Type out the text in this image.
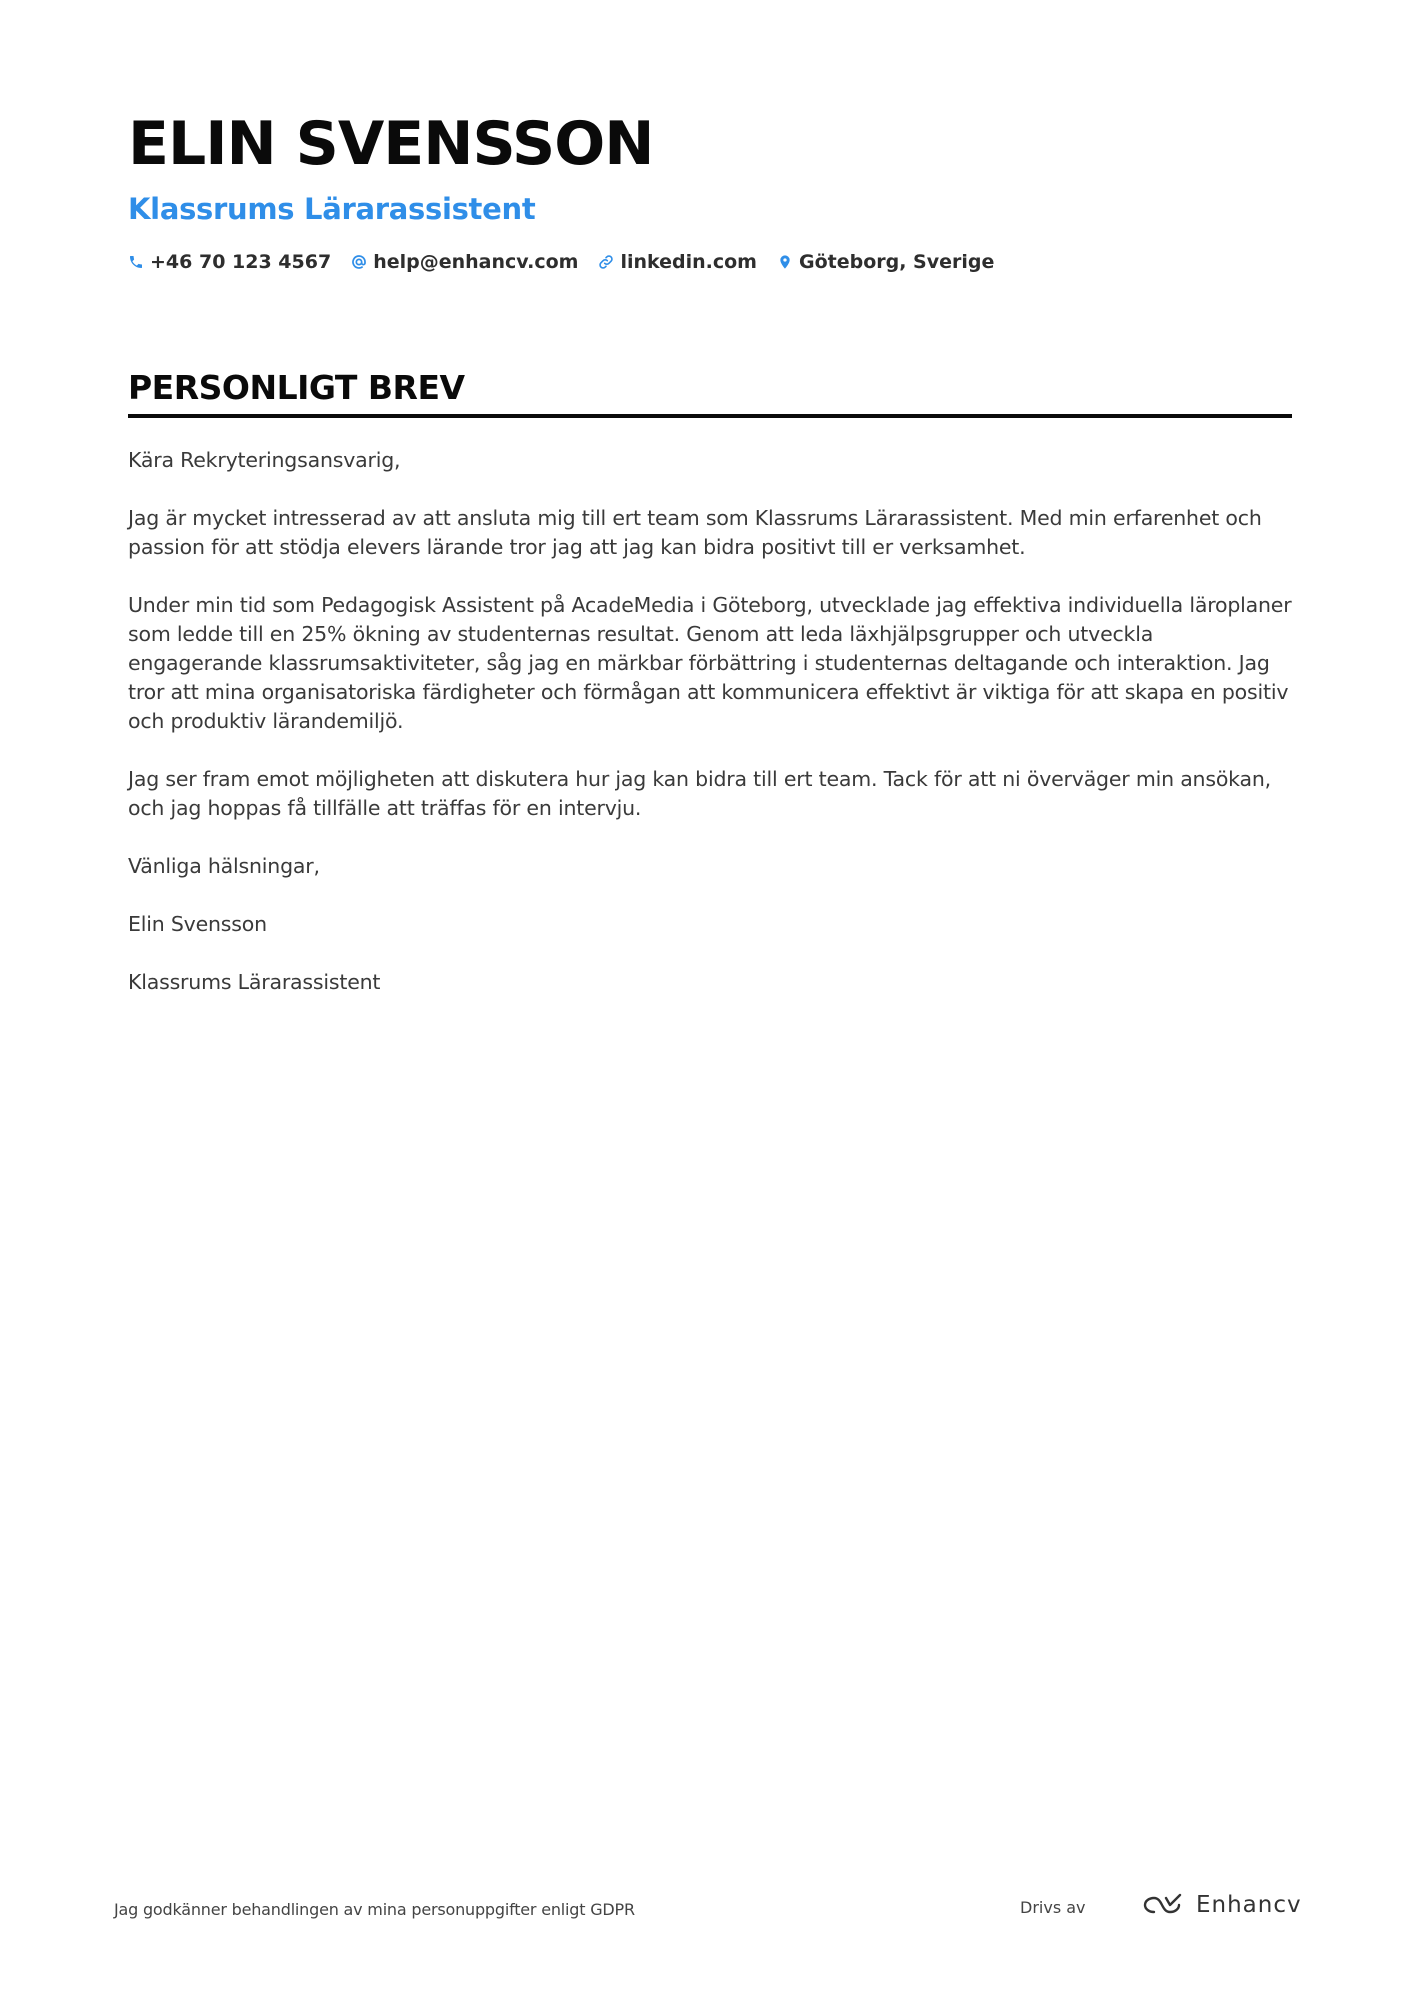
ELIN SVENSSON
Klassrums Lärarassistent
+46 70 123 4567 help@enhancv.com linkedin.com Göteborg, Sverige
PERSONLIGT BREV

Kära Rekryteringsansvarig,

Jag är mycket intresserad av att ansluta mig till ert team som Klassrums Lärarassistent. Med min erfarenhet och passion för att stödja elevers lärande tror jag att jag kan bidra positivt till er verksamhet.

Under min tid som Pedagogisk Assistent på AcadeMedia i Göteborg, utvecklade jag effektiva individuella läroplaner som ledde till en 25% ökning av studenternas resultat. Genom att leda läxhjälpsgrupper och utveckla engagerande klassrumsaktiviteter, såg jag en märkbar förbättring i studenternas deltagande och interaktion. Jag tror att mina organisatoriska färdigheter och förmågan att kommunicera effektivt är viktiga för att skapa en positiv och produktiv lärandemiljö.

Jag ser fram emot möjligheten att diskutera hur jag kan bidra till ert team. Tack för att ni överväger min ansökan, och jag hoppas få tillfälle att träffas för en intervju.

Vänliga hälsningar,

Elin Svensson

Klassrums Lärarassistent

Jag godkänner behandlingen av mina personuppgifter enligt GDPR	Drivs av	Enhancv
